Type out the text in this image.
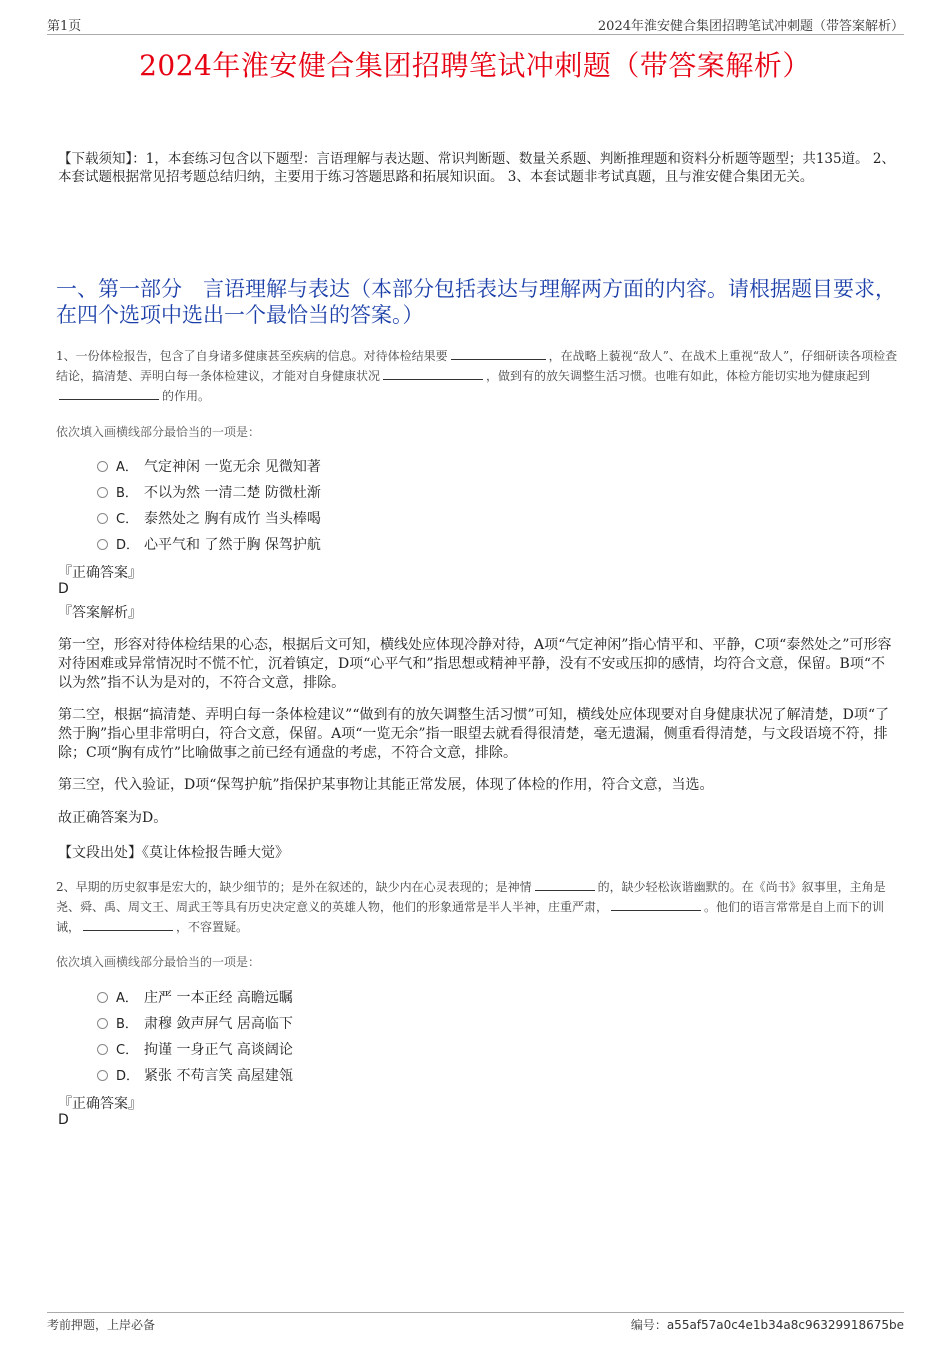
第1页	2024年淮安健合集团招聘笔试冲刺题（带答案解析）
2024年淮安健合集团招聘笔试冲刺题（带答案解析）
【下载须知】：1，本套练习包含以下题型：言语理解与表达题、常识判断题、数量关系题、判断推理题和资料分析题等题型；共135道。 2、本套试题根据常见招考题总结归纳，主要用于练习答题思路和拓展知识面。 3、本套试题非考试真题，且与淮安健合集团无关。
一、第一部分　言语理解与表达（本部分包括表达与理解两方面的内容。请根据题目要求，在四个选项中选出一个最恰当的答案。）
1、一份体检报告，包含了自身诸多健康甚至疾病的信息。对待体检结果要	，在战略上藐视“敌人”、在战术上重视“敌人”，仔细研读各项检查结论，搞清楚、弄明白每一条体检建议，才能对自身健康状况	，做到有的放矢调整生活习惯。也唯有如此，体检方能切实地为健康起到的作用。
依次填入画横线部分最恰当的一项是：
A． 气定神闲 一览无余 见微知著
B． 不以为然 一清二楚 防微杜渐
C． 泰然处之 胸有成竹 当头棒喝
D． 心平气和 了然于胸 保驾护航
『正确答案』
D
『答案解析』
第一空，形容对待体检结果的心态，根据后文可知，横线处应体现冷静对待，A项“气定神闲”指心情平和、平静，C项“泰然处之”可形容对待困难或异常情况时不慌不忙，沉着镇定，D项“心平气和”指思想或精神平静，没有不安或压抑的感情，均符合文意，保留。B项“不以为然”指不认为是对的，不符合文意，排除。
第二空，根据“搞清楚、弄明白每一条体检建议”“做到有的放矢调整生活习惯”可知，横线处应体现要对自身健康状况了解清楚，D项“了然于胸”指心里非常明白，符合文意，保留。A项“一览无余”指一眼望去就看得很清楚，毫无遗漏，侧重看得清楚，与文段语境不符，排除；C项“胸有成竹”比喻做事之前已经有通盘的考虑，不符合文意，排除。
第三空，代入验证，D项“保驾护航”指保护某事物让其能正常发展，体现了体检的作用，符合文意，当选。
故正确答案为D。
【文段出处】《莫让体检报告睡大觉》
2、早期的历史叙事是宏大的，缺少细节的；是外在叙述的，缺少内在心灵表现的；是神情	的，缺少轻松诙谐幽默的。在《尚书》叙事里，主角是尧、舜、禹、周文王、周武王等具有历史决定意义的英雄人物，他们的形象通常是半人半神，庄重严肃，	。他们的语言常常是自上而下的训诫，	，不容置疑。
依次填入画横线部分最恰当的一项是：
A． 庄严 一本正经 高瞻远瞩
B． 肃穆 敛声屏气 居高临下
C． 拘谨 一身正气 高谈阔论
D． 紧张 不苟言笑 高屋建瓴
『正确答案』
D
考前押题，上岸必备	编号：a55af57a0c4e1b34a8c96329918675be
